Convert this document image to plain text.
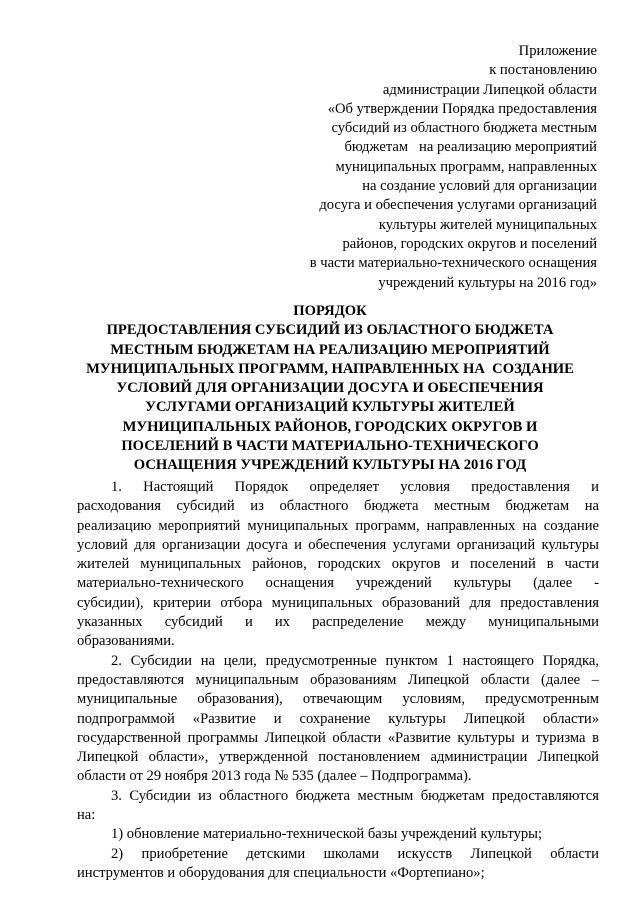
Приложение
к постановлению
администрации Липецкой области
«Об утверждении Порядка предоставления
субсидий из областного бюджета местным
бюджетам   на реализацию мероприятий
муниципальных программ, направленных
на создание условий для организации
досуга и обеспечения услугами организаций
культуры жителей муниципальных
районов, городских округов и поселений
в части материально-технического оснащения
учреждений культуры на 2016 год»
ПОРЯДОК
ПРЕДОСТАВЛЕНИЯ СУБСИДИЙ ИЗ ОБЛАСТНОГО БЮДЖЕТА
МЕСТНЫМ БЮДЖЕТАМ НА РЕАЛИЗАЦИЮ МЕРОПРИЯТИЙ
МУНИЦИПАЛЬНЫХ ПРОГРАММ, НАПРАВЛЕННЫХ НА  СОЗДАНИЕ
УСЛОВИЙ ДЛЯ ОРГАНИЗАЦИИ ДОСУГА И ОБЕСПЕЧЕНИЯ
УСЛУГАМИ ОРГАНИЗАЦИЙ КУЛЬТУРЫ ЖИТЕЛЕЙ
МУНИЦИПАЛЬНЫХ РАЙОНОВ, ГОРОДСКИХ ОКРУГОВ И
ПОСЕЛЕНИЙ В ЧАСТИ МАТЕРИАЛЬНО-ТЕХНИЧЕСКОГО
ОСНАЩЕНИЯ УЧРЕЖДЕНИЙ КУЛЬТУРЫ НА 2016 ГОД
1. Настоящий Порядок определяет условия предоставления и
расходования субсидий из областного бюджета местным бюджетам на
реализацию мероприятий муниципальных программ, направленных на создание
условий для организации досуга и обеспечения услугами организаций культуры
жителей муниципальных районов, городских округов и поселений в части
материально-технического оснащения учреждений культуры (далее -
субсидии), критерии отбора муниципальных образований для предоставления
указанных субсидий и их распределение между муниципальными
образованиями.
2. Субсидии на цели, предусмотренные пунктом 1 настоящего Порядка,
предоставляются муниципальным образованиям Липецкой области (далее –
муниципальные образования), отвечающим условиям, предусмотренным
подпрограммой «Развитие и сохранение культуры Липецкой области»
государственной программы Липецкой области «Развитие культуры и туризма в
Липецкой области», утвержденной постановлением администрации Липецкой
области от 29 ноября 2013 года № 535 (далее – Подпрограмма).
3. Субсидии из областного бюджета местным бюджетам предоставляются
на:
1) обновление материально-технической базы учреждений культуры;
2) приобретение детскими школами искусств Липецкой области
инструментов и оборудования для специальности «Фортепиано»;
